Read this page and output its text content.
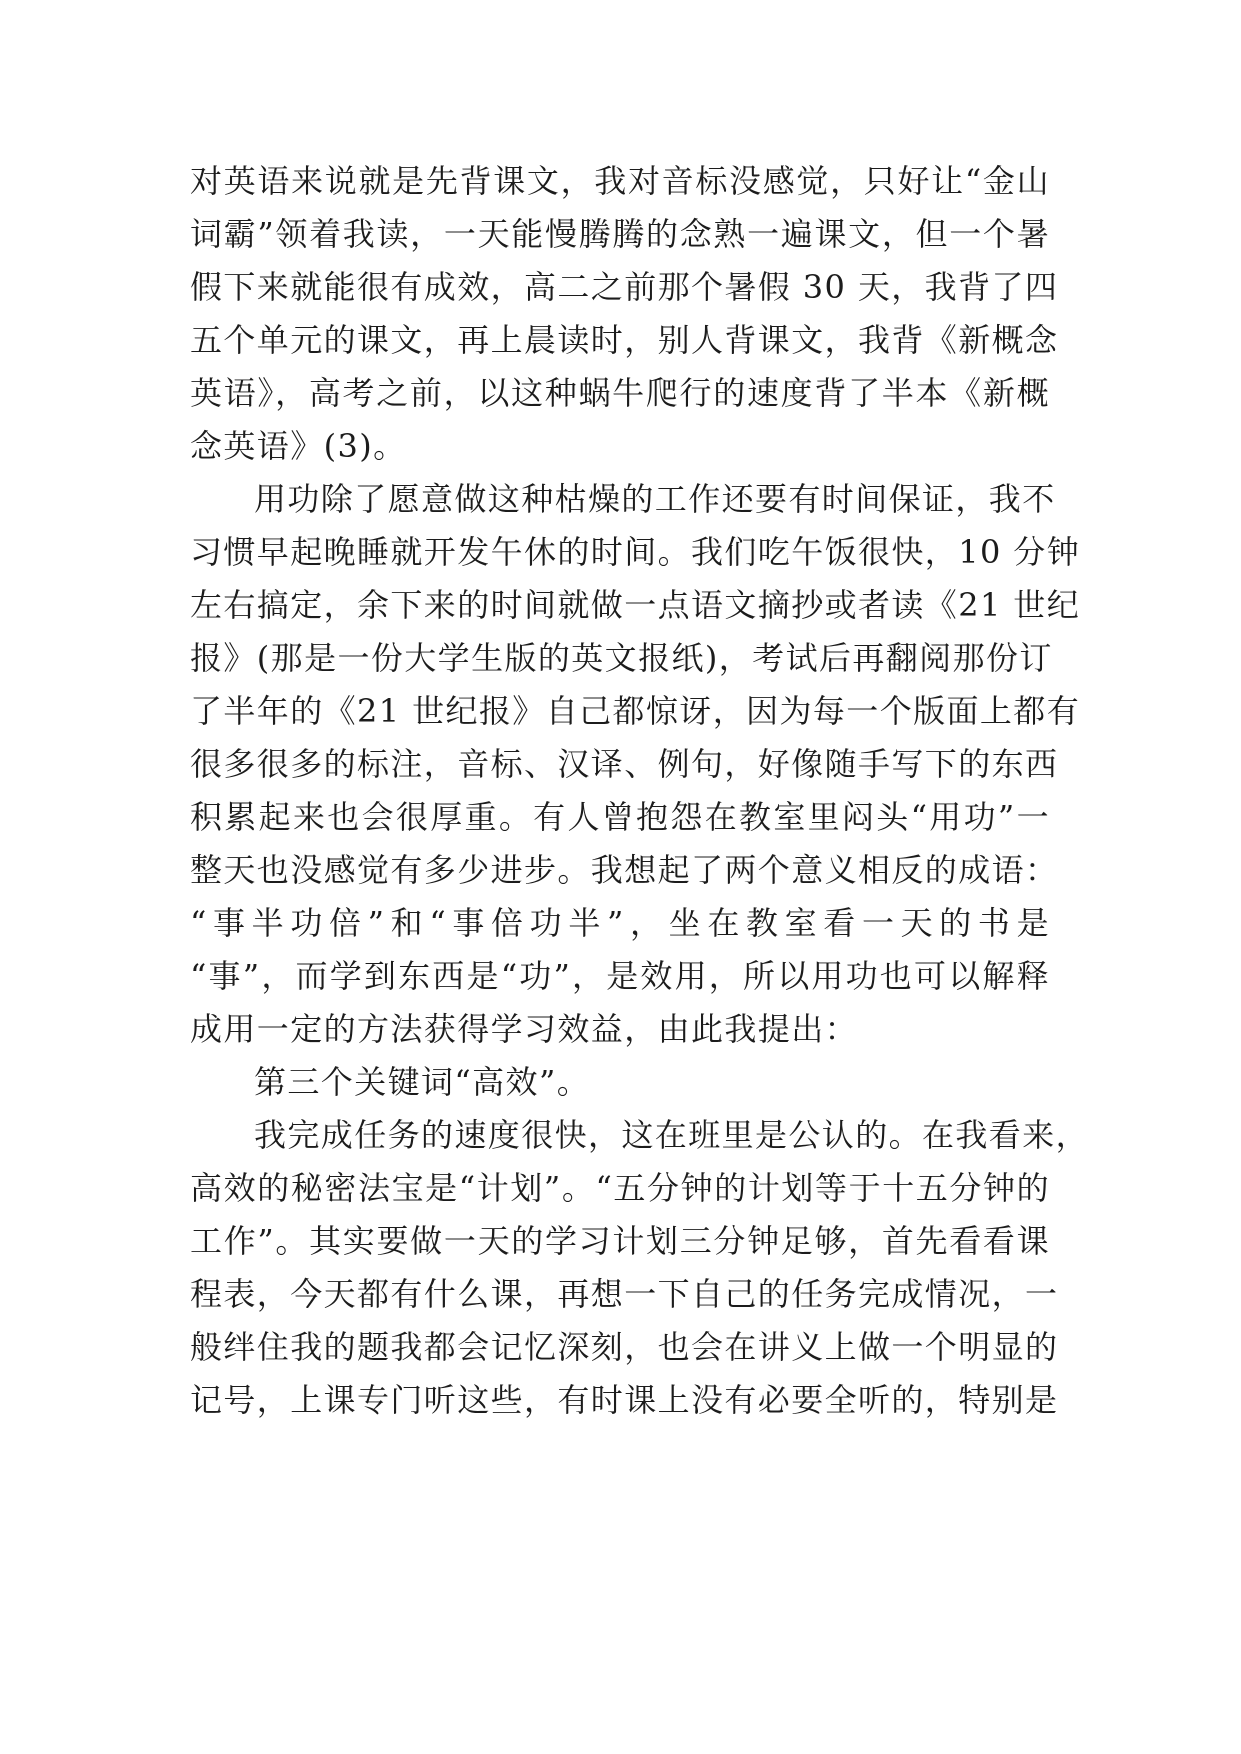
对英语来说就是先背课文，我对音标没感觉，只好让“金山
词霸”领着我读，一天能慢腾腾的念熟一遍课文，但一个暑
假下来就能很有成效，高二之前那个暑假 30 天，我背了四
五个单元的课文，再上晨读时，别人背课文，我背《新概念
英语》，高考之前，以这种蜗牛爬行的速度背了半本《新概
念英语》(3)。
用功除了愿意做这种枯燥的工作还要有时间保证，我不
习惯早起晚睡就开发午休的时间。我们吃午饭很快，10 分钟
左右搞定，余下来的时间就做一点语文摘抄或者读《21 世纪
报》(那是一份大学生版的英文报纸)，考试后再翻阅那份订
了半年的《21 世纪报》自己都惊讶，因为每一个版面上都有
很多很多的标注，音标、汉译、例句，好像随手写下的东西
积累起来也会很厚重。有人曾抱怨在教室里闷头“用功”一
整天也没感觉有多少进步。我想起了两个意义相反的成语：
“事半功倍”和“事倍功半”，坐在教室看一天的书是
“事”，而学到东西是“功”，是效用，所以用功也可以解释
成用一定的方法获得学习效益，由此我提出：
第三个关键词“高效”。
我完成任务的速度很快，这在班里是公认的。在我看来，
高效的秘密法宝是“计划”。“五分钟的计划等于十五分钟的
工作”。其实要做一天的学习计划三分钟足够，首先看看课
程表，今天都有什么课，再想一下自己的任务完成情况，一
般绊住我的题我都会记忆深刻，也会在讲义上做一个明显的
记号，上课专门听这些，有时课上没有必要全听的，特别是
